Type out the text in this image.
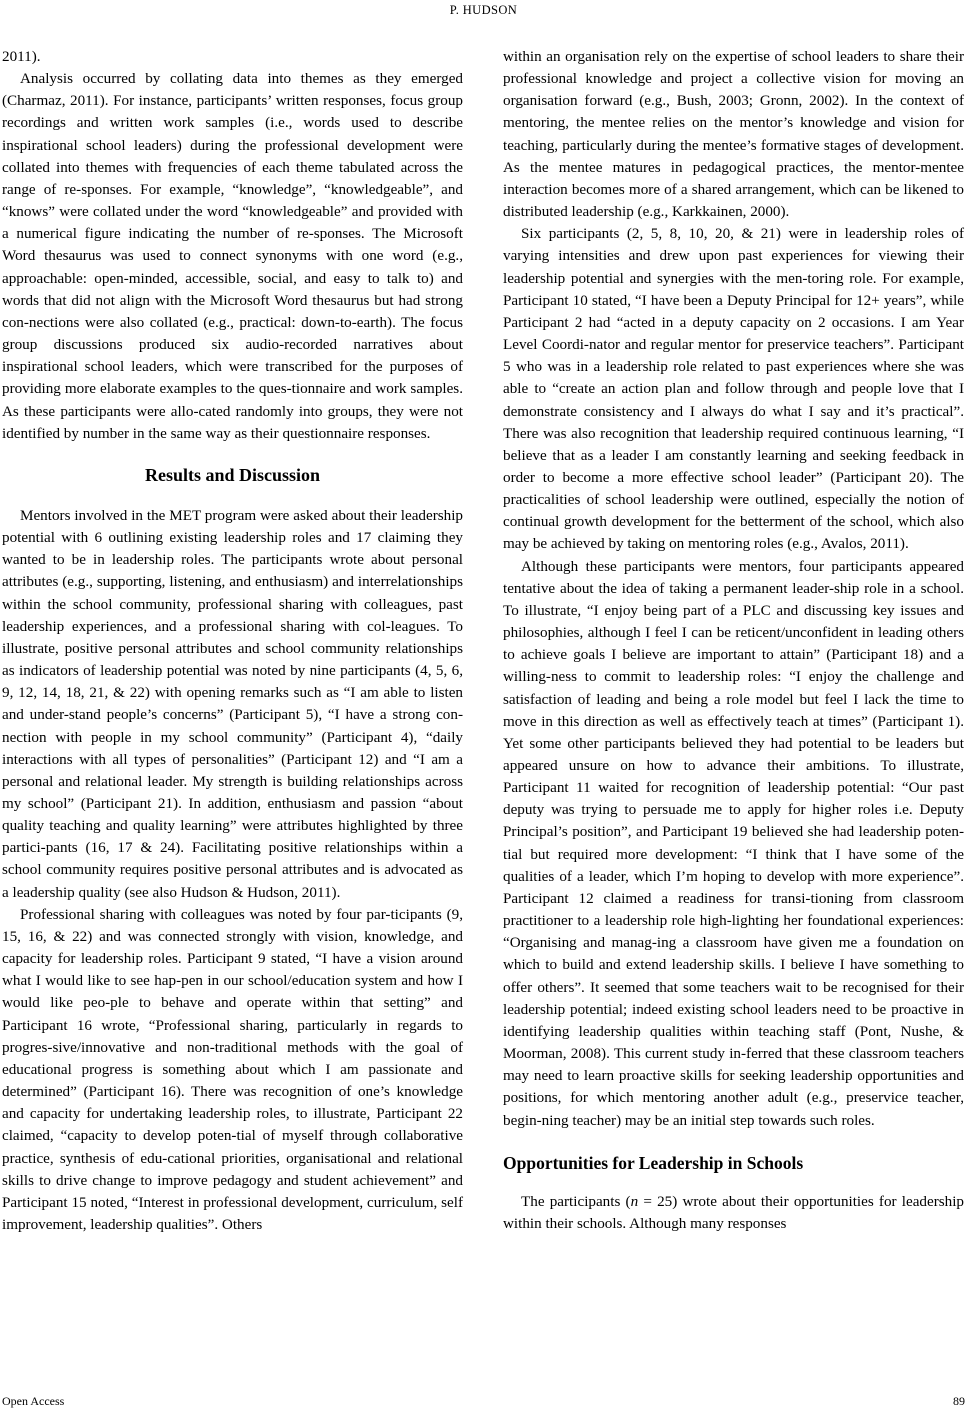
P. HUDSON

2011).

Analysis occurred by collating data into themes as they emerged (Charmaz, 2011). For instance, participants’ written responses, focus group recordings and written work samples (i.e., words used to describe inspirational school leaders) during the professional development were collated into themes with frequencies of each theme tabulated across the range of re-sponses. For example, “knowledge”, “knowledgeable”, and “knows” were collated under the word “knowledgeable” and provided with a numerical figure indicating the number of re-sponses. The Microsoft Word thesaurus was used to connect synonyms with one word (e.g., approachable: open-minded, accessible, social, and easy to talk to) and words that did not align with the Microsoft Word thesaurus but had strong con-nections were also collated (e.g., practical: down-to-earth). The focus group discussions produced six audio-recorded narratives about inspirational school leaders, which were transcribed for the purposes of providing more elaborate examples to the ques-tionnaire and work samples. As these participants were allo-cated randomly into groups, they were not identified by number in the same way as their questionnaire responses.

Results and Discussion

Mentors involved in the MET program were asked about their leadership potential with 6 outlining existing leadership roles and 17 claiming they wanted to be in leadership roles. The participants wrote about personal attributes (e.g., supporting, listening, and enthusiasm) and interrelationships within the school community, professional sharing with colleagues, past leadership experiences, and a professional sharing with col-leagues. To illustrate, positive personal attributes and school community relationships as indicators of leadership potential was noted by nine participants (4, 5, 6, 9, 12, 14, 18, 21, & 22) with opening remarks such as “I am able to listen and under-stand people’s concerns” (Participant 5), “I have a strong con-nection with people in my school community” (Participant 4), “daily interactions with all types of personalities” (Participant 12) and “I am a personal and relational leader. My strength is building relationships across my school” (Participant 21). In addition, enthusiasm and passion “about quality teaching and quality learning” were attributes highlighted by three partici-pants (16, 17 & 24). Facilitating positive relationships within a school community requires positive personal attributes and is advocated as a leadership quality (see also Hudson & Hudson, 2011).

Professional sharing with colleagues was noted by four par-ticipants (9, 15, 16, & 22) and was connected strongly with vision, knowledge, and capacity for leadership roles. Participant 9 stated, “I have a vision around what I would like to see hap-pen in our school/education system and how I would like peo-ple to behave and operate within that setting” and Participant 16 wrote, “Professional sharing, particularly in regards to progres-sive/innovative and non-traditional methods with the goal of educational progress is something about which I am passionate and determined” (Participant 16). There was recognition of one’s knowledge and capacity for undertaking leadership roles, to illustrate, Participant 22 claimed, “capacity to develop poten-tial of myself through collaborative practice, synthesis of edu-cational priorities, organisational and relational skills to drive change to improve pedagogy and student achievement” and Participant 15 noted, “Interest in professional development, curriculum, self improvement, leadership qualities”. Others

within an organisation rely on the expertise of school leaders to share their professional knowledge and project a collective vision for moving an organisation forward (e.g., Bush, 2003; Gronn, 2002). In the context of mentoring, the mentee relies on the mentor’s knowledge and vision for teaching, particularly during the mentee’s formative stages of development. As the mentee matures in pedagogical practices, the mentor-mentee interaction becomes more of a shared arrangement, which can be likened to distributed leadership (e.g., Karkkainen, 2000).

Six participants (2, 5, 8, 10, 20, & 21) were in leadership roles of varying intensities and drew upon past experiences for viewing their leadership potential and synergies with the men-toring role. For example, Participant 10 stated, “I have been a Deputy Principal for 12+ years”, while Participant 2 had “acted in a deputy capacity on 2 occasions. I am Year Level Coordi-nator and regular mentor for preservice teachers”. Participant 5 who was in a leadership role related to past experiences where she was able to “create an action plan and follow through and people love that I demonstrate consistency and I always do what I say and it’s practical”. There was also recognition that leadership required continuous learning, “I believe that as a leader I am constantly learning and seeking feedback in order to become a more effective school leader” (Participant 20). The practicalities of school leadership were outlined, especially the notion of continual growth development for the betterment of the school, which also may be achieved by taking on mentoring roles (e.g., Avalos, 2011).

Although these participants were mentors, four participants appeared tentative about the idea of taking a permanent leader-ship role in a school. To illustrate, “I enjoy being part of a PLC and discussing key issues and philosophies, although I feel I can be reticent/unconfident in leading others to achieve goals I believe are important to attain” (Participant 18) and a willing-ness to commit to leadership roles: “I enjoy the challenge and satisfaction of leading and being a role model but feel I lack the time to move in this direction as well as effectively teach at times” (Participant 1). Yet some other participants believed they had potential to be leaders but appeared unsure on how to advance their ambitions. To illustrate, Participant 11 waited for recognition of leadership potential: “Our past deputy was trying to persuade me to apply for higher roles i.e. Deputy Principal’s position”, and Participant 19 believed she had leadership poten-tial but required more development: “I think that I have some of the qualities of a leader, which I’m hoping to develop with more experience”. Participant 12 claimed a readiness for transi-tioning from classroom practitioner to a leadership role high-lighting her foundational experiences: “Organising and manag-ing a classroom have given me a foundation on which to build and extend leadership skills. I believe I have something to offer others”. It seemed that some teachers wait to be recognised for their leadership potential; indeed existing school leaders need to be proactive in identifying leadership qualities within teaching staff (Pont, Nushe, & Moorman, 2008). This current study in-ferred that these classroom teachers may need to learn proactive skills for seeking leadership opportunities and positions, for which mentoring another adult (e.g., preservice teacher, begin-ning teacher) may be an initial step towards such roles.

Opportunities for Leadership in Schools

The participants (n = 25) wrote about their opportunities for leadership within their schools. Although many responses

Open Access	89
